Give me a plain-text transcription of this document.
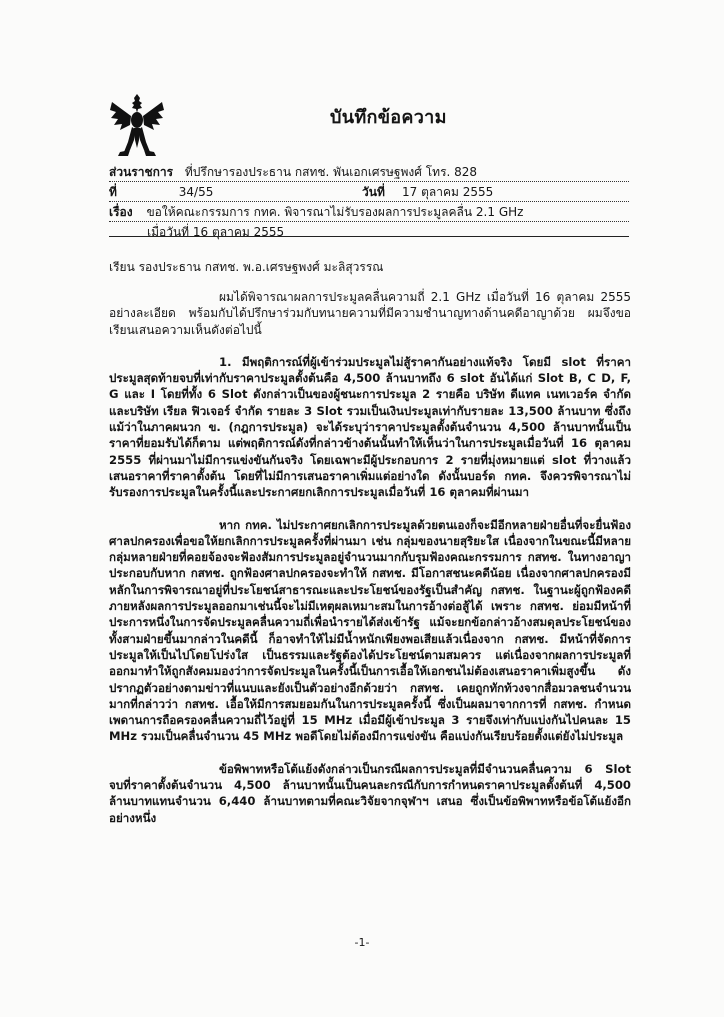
บันทึกข้อความ
ส่วนราชการ ที่ปรึกษารองประธาน กสทช. พันเอกเศรษฐพงศ์ โทร. 828
ที่	34/55	วันที่ 17 ตุลาคม 2555
เรื่อง ขอให้คณะกรรมการ กทค. พิจารณาไม่รับรองผลการประมูลคลื่น 2.1 GHz
เมื่อวันที่ 16 ตุลาคม 2555

เรียน รองประธาน กสทช. พ.อ.เศรษฐพงศ์ มะลิสุวรรณ

ผมได้พิจารณาผลการประมูลคลื่นความถี่ 2.1 GHz เมื่อวันที่ 16 ตุลาคม 2555 อย่างละเอียด พร้อมกับได้ปรึกษาร่วมกับทนายความที่มีความชำนาญทางด้านคดีอาญาด้วย ผมจึงขอเรียนเสนอความเห็นดังต่อไปนี้

1. มีพฤติการณ์ที่ผู้เข้าร่วมประมูลไม่สู้ราคากันอย่างแท้จริง โดยมี slot ที่ราคาประมูลสุดท้ายจบที่เท่ากับราคาประมูลตั้งต้นคือ 4,500 ล้านบาทถึง 6 slot อันได้แก่ Slot B, C D, F, G และ I โดยที่ทั้ง 6 Slot ดังกล่าวเป็นของผู้ชนะการประมูล 2 รายคือ บริษัท ดีแทค เนทเวอร์ค จำกัด และบริษัท เรียล ฟิวเจอร์ จำกัด รายละ 3 Slot รวมเป็นเงินประมูลเท่ากับรายละ 13,500 ล้านบาท ซึ่งถึงแม้ว่าในภาคผนวก ข. (กฎการประมูล) จะได้ระบุว่าราคาประมูลตั้งต้นจำนวน 4,500 ล้านบาทนั้นเป็นราคาที่ยอมรับได้ก็ตาม แต่พฤติการณ์ดังที่กล่าวข้างต้นนั้นทำให้เห็นว่าในการประมูลเมื่อวันที่ 16 ตุลาคม 2555 ที่ผ่านมาไม่มีการแข่งขันกันจริง โดยเฉพาะมีผู้ประกอบการ 2 รายที่มุ่งหมายแต่ slot ที่วางแล้วเสนอราคาที่ราคาตั้งต้น โดยที่ไม่มีการเสนอราคาเพิ่มแต่อย่างใด ดังนั้นบอร์ด กทค. จึงควรพิจารณาไม่รับรองการประมูลในครั้งนี้และประกาศยกเลิกการประมูลเมื่อวันที่ 16 ตุลาคมที่ผ่านมา

หาก กทค. ไม่ประกาศยกเลิกการประมูลด้วยตนเองก็จะมีอีกหลายฝ่ายอื่นที่จะยื่นฟ้องศาลปกครองเพื่อขอให้ยกเลิกการประมูลครั้งที่ผ่านมา เช่น กลุ่มของนายสุริยะใส เนื่องจากในขณะนี้มีหลายกลุ่มหลายฝ่ายที่คอยจ้องจะฟ้องสัมการประมูลอยู่จำนวนมากกับรุมฟ้องคณะกรรมการ กสทช. ในทางอาญา ประกอบกับหาก กสทช. ถูกฟ้องศาลปกครองจะทำให้ กสทช. มีโอกาสชนะคดีน้อย เนื่องจากศาลปกครองมีหลักในการพิจารณาอยู่ที่ประโยชน์สาธารณะและประโยชน์ของรัฐเป็นสำคัญ กสทช. ในฐานะผู้ถูกฟ้องคดีภายหลังผลการประมูลออกมาเช่นนี้จะไม่มีเหตุผลเหมาะสมในการอ้างต่อสู้ได้ เพราะ กสทช. ย่อมมีหน้าที่ประการหนึ่งในการจัดประมูลคลื่นความถี่เพื่อนำรายได้ส่งเข้ารัฐ แม้จะยกข้อกล่าวอ้างสมดุลประโยชน์ของทั้งสามฝ่ายขึ้นมากล่าวในคดีนี้ ก็อาจทำให้ไม่มีน้ำหนักเพียงพอเสียแล้วเนื่องจาก กสทช. มีหน้าที่จัดการประมูลให้เป็นไปโดยโปร่งใส เป็นธรรมและรัฐต้องได้ประโยชน์ตามสมควร แต่เนื่องจากผลการประมูลที่ออกมาทำให้ถูกสังคมมองว่าการจัดประมูลในครั้งนี้เป็นการเอื้อให้เอกชนไม่ต้องเสนอราคาเพิ่มสูงขึ้น ดังปรากฏตัวอย่างตามข่าวที่แนบและยังเป็นตัวอย่างอีกด้วยว่า กสทช. เคยถูกทักท้วงจากสื่อมวลชนจำนวนมากที่กล่าวว่า กสทช. เอื้อให้มีการสมยอมกันในการประมูลครั้งนี้ ซึ่งเป็นผลมาจากการที่ กสทช. กำหนดเพดานการถือครองคลื่นความถี่ไว้อยู่ที่ 15 MHz เมื่อมีผู้เข้าประมูล 3 รายจึงเท่ากับแบ่งกันไปคนละ 15 MHz รวมเป็นคลื่นจำนวน 45 MHz พอดีโดยไม่ต้องมีการแข่งขัน คือแบ่งกันเรียบร้อยตั้งแต่ยังไม่ประมูล

ข้อพิพาทหรือโต้แย้งดังกล่าวเป็นกรณีผลการประมูลที่มีจำนวนคลื่นความ 6 Slot จบที่ราคาตั้งต้นจำนวน 4,500 ล้านบาทนั้นเป็นคนละกรณีกับการกำหนดราคาประมูลตั้งต้นที่ 4,500 ล้านบาทแทนจำนวน 6,440 ล้านบาทตามที่คณะวิจัยจากจุฬาฯ เสนอ ซึ่งเป็นข้อพิพาทหรือข้อโต้แย้งอีกอย่างหนึ่ง

-1-
